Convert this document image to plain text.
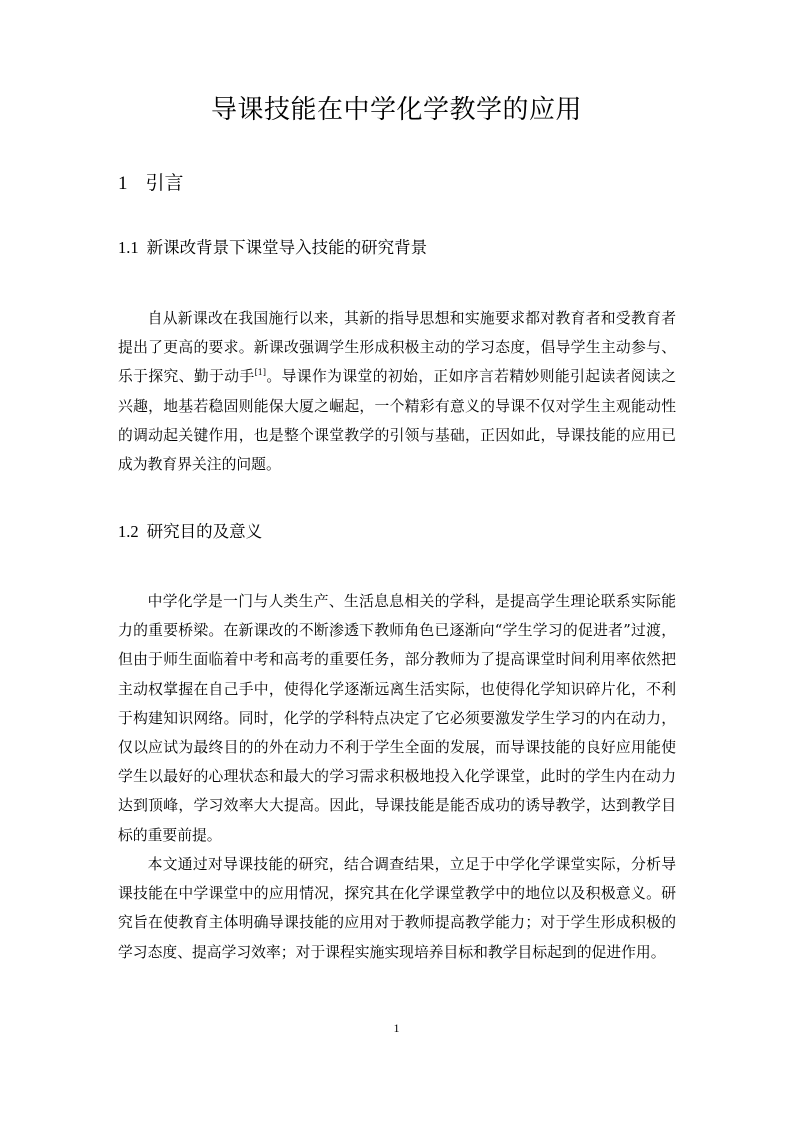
导课技能在中学化学教学的应用
1 引言
1.1 新课改背景下课堂导入技能的研究背景

自从新课改在我国施行以来，其新的指导思想和实施要求都对教育者和受教育者提出了更高的要求。新课改强调学生形成积极主动的学习态度，倡导学生主动参与、乐于探究、勤于动手[1]。导课作为课堂的初始，正如序言若精妙则能引起读者阅读之兴趣，地基若稳固则能保大厦之崛起，一个精彩有意义的导课不仅对学生主观能动性的调动起关键作用，也是整个课堂教学的引领与基础，正因如此，导课技能的应用已成为教育界关注的问题。

1.2 研究目的及意义

中学化学是一门与人类生产、生活息息相关的学科，是提高学生理论联系实际能力的重要桥梁。在新课改的不断渗透下教师角色已逐渐向“学生学习的促进者”过渡，但由于师生面临着中考和高考的重要任务，部分教师为了提高课堂时间利用率依然把主动权掌握在自己手中，使得化学逐渐远离生活实际，也使得化学知识碎片化，不利于构建知识网络。同时，化学的学科特点决定了它必须要激发学生学习的内在动力，仅以应试为最终目的的外在动力不利于学生全面的发展，而导课技能的良好应用能使学生以最好的心理状态和最大的学习需求积极地投入化学课堂，此时的学生内在动力达到顶峰，学习效率大大提高。因此，导课技能是能否成功的诱导教学，达到教学目标的重要前提。

本文通过对导课技能的研究，结合调查结果，立足于中学化学课堂实际，分析导课技能在中学课堂中的应用情况，探究其在化学课堂教学中的地位以及积极意义。研究旨在使教育主体明确导课技能的应用对于教师提高教学能力；对于学生形成积极的学习态度、提高学习效率；对于课程实施实现培养目标和教学目标起到的促进作用。

1
